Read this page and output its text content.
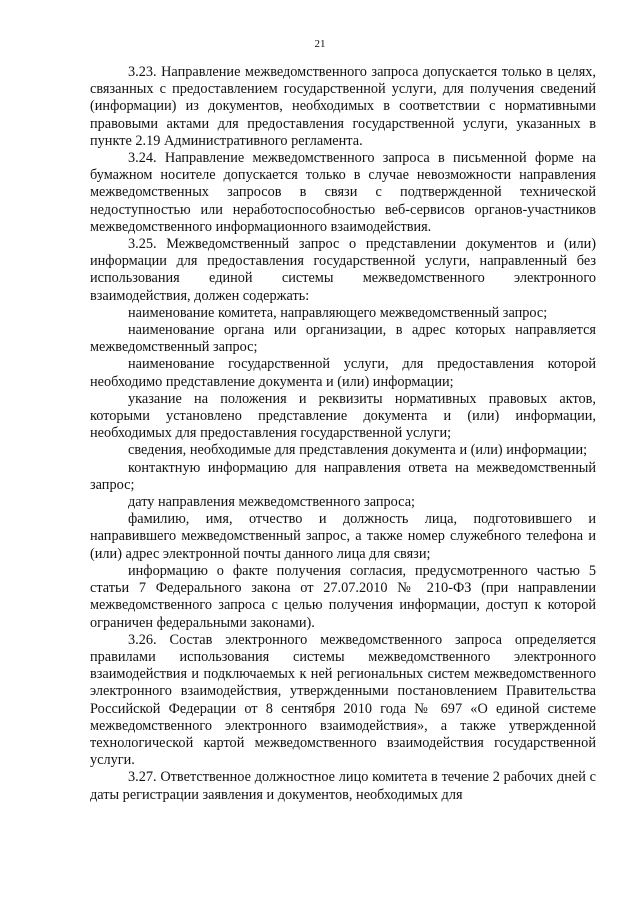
21

3.23. Направление межведомственного запроса допускается только в целях, связанных с предоставлением государственной услуги, для получения сведений (информации) из документов, необходимых в соответствии с нормативными правовыми актами для предоставления государственной услуги, указанных в пункте 2.19 Административного регламента.

3.24. Направление межведомственного запроса в письменной форме на бумажном носителе допускается только в случае невозможности направления межведомственных запросов в связи с подтвержденной технической недоступностью или неработоспособностью веб-сервисов органов-участников межведомственного информационного взаимодействия.

3.25. Межведомственный запрос о представлении документов и (или) информации для предоставления государственной услуги, направленный без использования единой системы межведомственного электронного взаимодействия, должен содержать:

наименование комитета, направляющего межведомственный запрос;

наименование органа или организации, в адрес которых направляется межведомственный запрос;

наименование государственной услуги, для предоставления которой необходимо представление документа и (или) информации;

указание на положения и реквизиты нормативных правовых актов, которыми установлено представление документа и (или) информации, необходимых для предоставления государственной услуги;

сведения, необходимые для представления документа и (или) информации;

контактную информацию для направления ответа на межведомственный запрос;

дату направления межведомственного запроса;

фамилию, имя, отчество и должность лица, подготовившего и направившего межведомственный запрос, а также номер служебного телефона и (или) адрес электронной почты данного лица для связи;

информацию о факте получения согласия, предусмотренного частью 5 статьи 7 Федерального закона от 27.07.2010 № 210-ФЗ (при направлении межведомственного запроса с целью получения информации, доступ к которой ограничен федеральными законами).

3.26. Состав электронного межведомственного запроса определяется правилами использования системы межведомственного электронного взаимодействия и подключаемых к ней региональных систем межведомственного электронного взаимодействия, утвержденными постановлением Правительства Российской Федерации от 8 сентября 2010 года № 697 «О единой системе межведомственного электронного взаимодействия», а также утвержденной технологической картой межведомственного взаимодействия государственной услуги.

3.27. Ответственное должностное лицо комитета в течение 2 рабочих дней с даты регистрации заявления и документов, необходимых для
